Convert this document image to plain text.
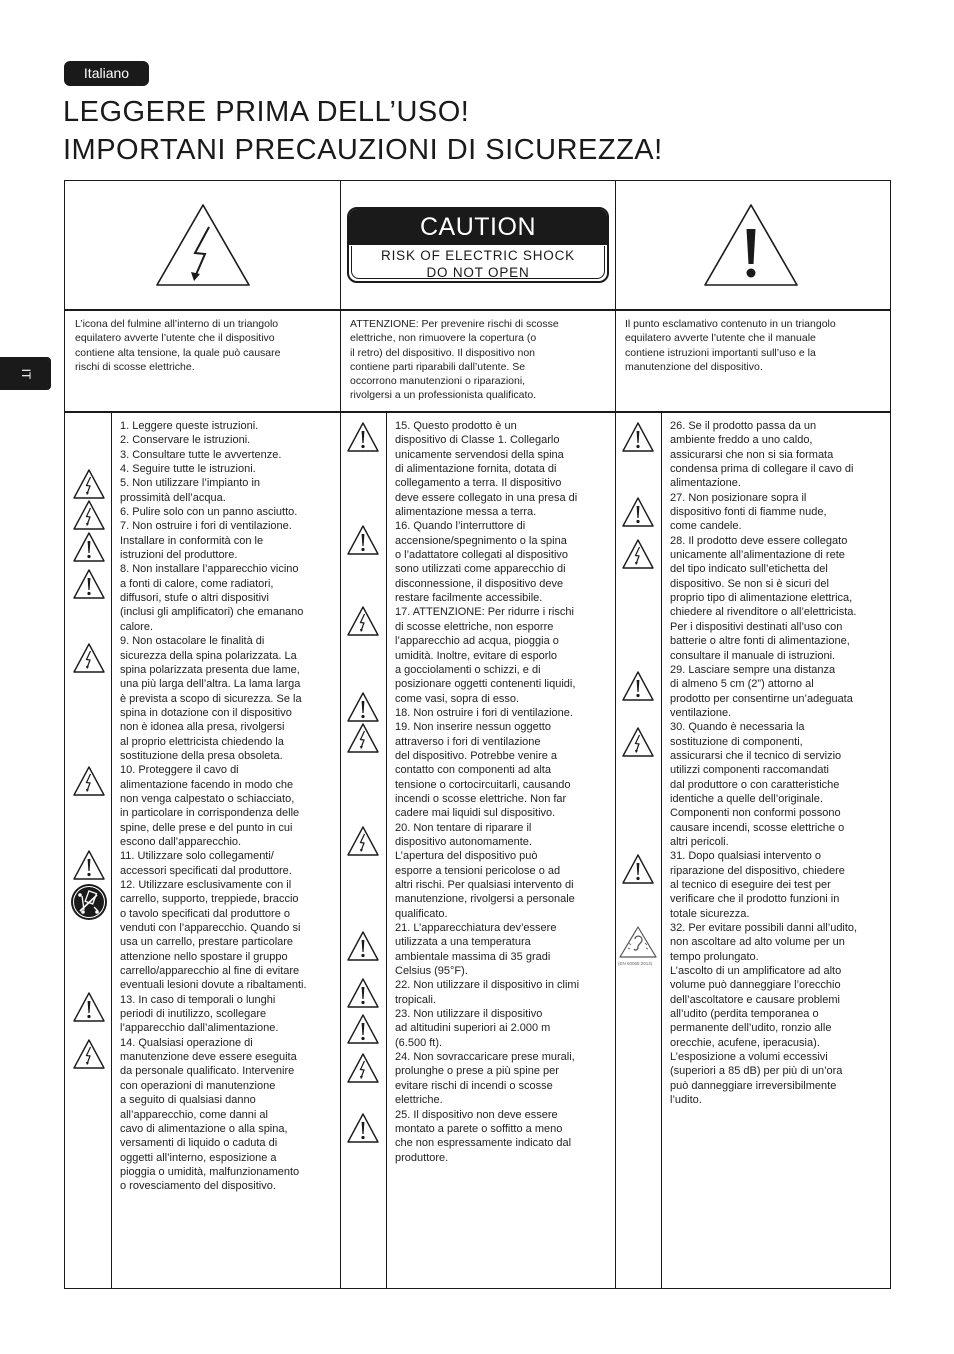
Italiano
LEGGERE PRIMA DELL’USO!
IMPORTANI PRECAUZIONI DI SICUREZZA!
IT
CAUTION
RISK OF ELECTRIC SHOCK
DO NOT OPEN
L’icona del fulmine all’interno di un triangolo
equilatero avverte l’utente che il dispositivo
contiene alta tensione, la quale può causare
rischi di scosse elettriche.
ATTENZIONE: Per prevenire rischi di scosse
elettriche, non rimuovere la copertura (o
il retro) del dispositivo. Il dispositivo non
contiene parti riparabili dall’utente. Se
occorrono manutenzioni o riparazioni,
rivolgersi a un professionista qualificato.
Il punto esclamativo contenuto in un triangolo
equilatero avverte l’utente che il manuale
contiene istruzioni importanti sull’uso e la
manutenzione del dispositivo.
(EN 60065:2014)

1. Leggere queste istruzioni.
2. Conservare le istruzioni.
3. Consultare tutte le avvertenze.
4. Seguire tutte le istruzioni.
5. Non utilizzare l’impianto in
prossimità dell’acqua.
6. Pulire solo con un panno asciutto.
7. Non ostruire i fori di ventilazione.
Installare in conformità con le
istruzioni del produttore.
8. Non installare l’apparecchio vicino
a fonti di calore, come radiatori,
diffusori, stufe o altri dispositivi
(inclusi gli amplificatori) che emanano
calore.
9. Non ostacolare le finalità di
sicurezza della spina polarizzata. La
spina polarizzata presenta due lame,
una più larga dell’altra. La lama larga
è prevista a scopo di sicurezza. Se la
spina in dotazione con il dispositivo
non è idonea alla presa, rivolgersi
al proprio elettricista chiedendo la
sostituzione della presa obsoleta.
10. Proteggere il cavo di
alimentazione facendo in modo che
non venga calpestato o schiacciato,
in particolare in corrispondenza delle
spine, delle prese e del punto in cui
escono dall’apparecchio.
11. Utilizzare solo collegamenti/
accessori specificati dal produttore.
12. Utilizzare esclusivamente con il
carrello, supporto, treppiede, braccio
o tavolo specificati dal produttore o
venduti con l’apparecchio. Quando si
usa un carrello, prestare particolare
attenzione nello spostare il gruppo
carrello/apparecchio al fine di evitare
eventuali lesioni dovute a ribaltamenti.
13. In caso di temporali o lunghi
periodi di inutilizzo, scollegare
l’apparecchio dall’alimentazione.
14. Qualsiasi operazione di
manutenzione deve essere eseguita
da personale qualificato. Intervenire
con operazioni di manutenzione
a seguito di qualsiasi danno
all’apparecchio, come danni al
cavo di alimentazione o alla spina,
versamenti di liquido o caduta di
oggetti all’interno, esposizione a
pioggia o umidità, malfunzionamento
o rovesciamento del dispositivo.

15. Questo prodotto è un
dispositivo di Classe 1. Collegarlo
unicamente servendosi della spina
di alimentazione fornita, dotata di
collegamento a terra. Il dispositivo
deve essere collegato in una presa di
alimentazione messa a terra.
16. Quando l’interruttore di
accensione/spegnimento o la spina
o l’adattatore collegati al dispositivo
sono utilizzati come apparecchio di
disconnessione, il dispositivo deve
restare facilmente accessibile.
17. ATTENZIONE: Per ridurre i rischi
di scosse elettriche, non esporre
l’apparecchio ad acqua, pioggia o
umidità. Inoltre, evitare di esporlo
a gocciolamenti o schizzi, e di
posizionare oggetti contenenti liquidi,
come vasi, sopra di esso.
18. Non ostruire i fori di ventilazione.
19. Non inserire nessun oggetto
attraverso i fori di ventilazione
del dispositivo. Potrebbe venire a
contatto con componenti ad alta
tensione o cortocircuitarli, causando
incendi o scosse elettriche. Non far
cadere mai liquidi sul dispositivo.
20. Non tentare di riparare il
dispositivo autonomamente.
L’apertura del dispositivo può
esporre a tensioni pericolose o ad
altri rischi. Per qualsiasi intervento di
manutenzione, rivolgersi a personale
qualificato.
21. L’apparecchiatura dev’essere
utilizzata a una temperatura
ambientale massima di 35 gradi
Celsius (95°F).
22. Non utilizzare il dispositivo in climi
tropicali.
23. Non utilizzare il dispositivo
ad altitudini superiori ai 2.000 m
(6.500 ft).
24. Non sovraccaricare prese murali,
prolunghe o prese a più spine per
evitare rischi di incendi o scosse
elettriche.
25. Il dispositivo non deve essere
montato a parete o soffitto a meno
che non espressamente indicato dal
produttore.

26. Se il prodotto passa da un
ambiente freddo a uno caldo,
assicurarsi che non si sia formata
condensa prima di collegare il cavo di
alimentazione.
27. Non posizionare sopra il
dispositivo fonti di fiamme nude,
come candele.
28. Il prodotto deve essere collegato
unicamente all’alimentazione di rete
del tipo indicato sull’etichetta del
dispositivo. Se non si è sicuri del
proprio tipo di alimentazione elettrica,
chiedere al rivenditore o all’elettricista.
Per i dispositivi destinati all’uso con
batterie o altre fonti di alimentazione,
consultare il manuale di istruzioni.
29. Lasciare sempre una distanza
di almeno 5 cm (2”) attorno al
prodotto per consentirne un’adeguata
ventilazione.
30. Quando è necessaria la
sostituzione di componenti,
assicurarsi che il tecnico di servizio
utilizzi componenti raccomandati
dal produttore o con caratteristiche
identiche a quelle dell’originale.
Componenti non conformi possono
causare incendi, scosse elettriche o
altri pericoli.
31. Dopo qualsiasi intervento o
riparazione del dispositivo, chiedere
al tecnico di eseguire dei test per
verificare che il prodotto funzioni in
totale sicurezza.
32. Per evitare possibili danni all’udito,
non ascoltare ad alto volume per un
tempo prolungato.
L’ascolto di un amplificatore ad alto
volume può danneggiare l’orecchio
dell’ascoltatore e causare problemi
all’udito (perdita temporanea o
permanente dell’udito, ronzio alle
orecchie, acufene, iperacusia).
L’esposizione a volumi eccessivi
(superiori a 85 dB) per più di un’ora
può danneggiare irreversibilmente
l’udito.
